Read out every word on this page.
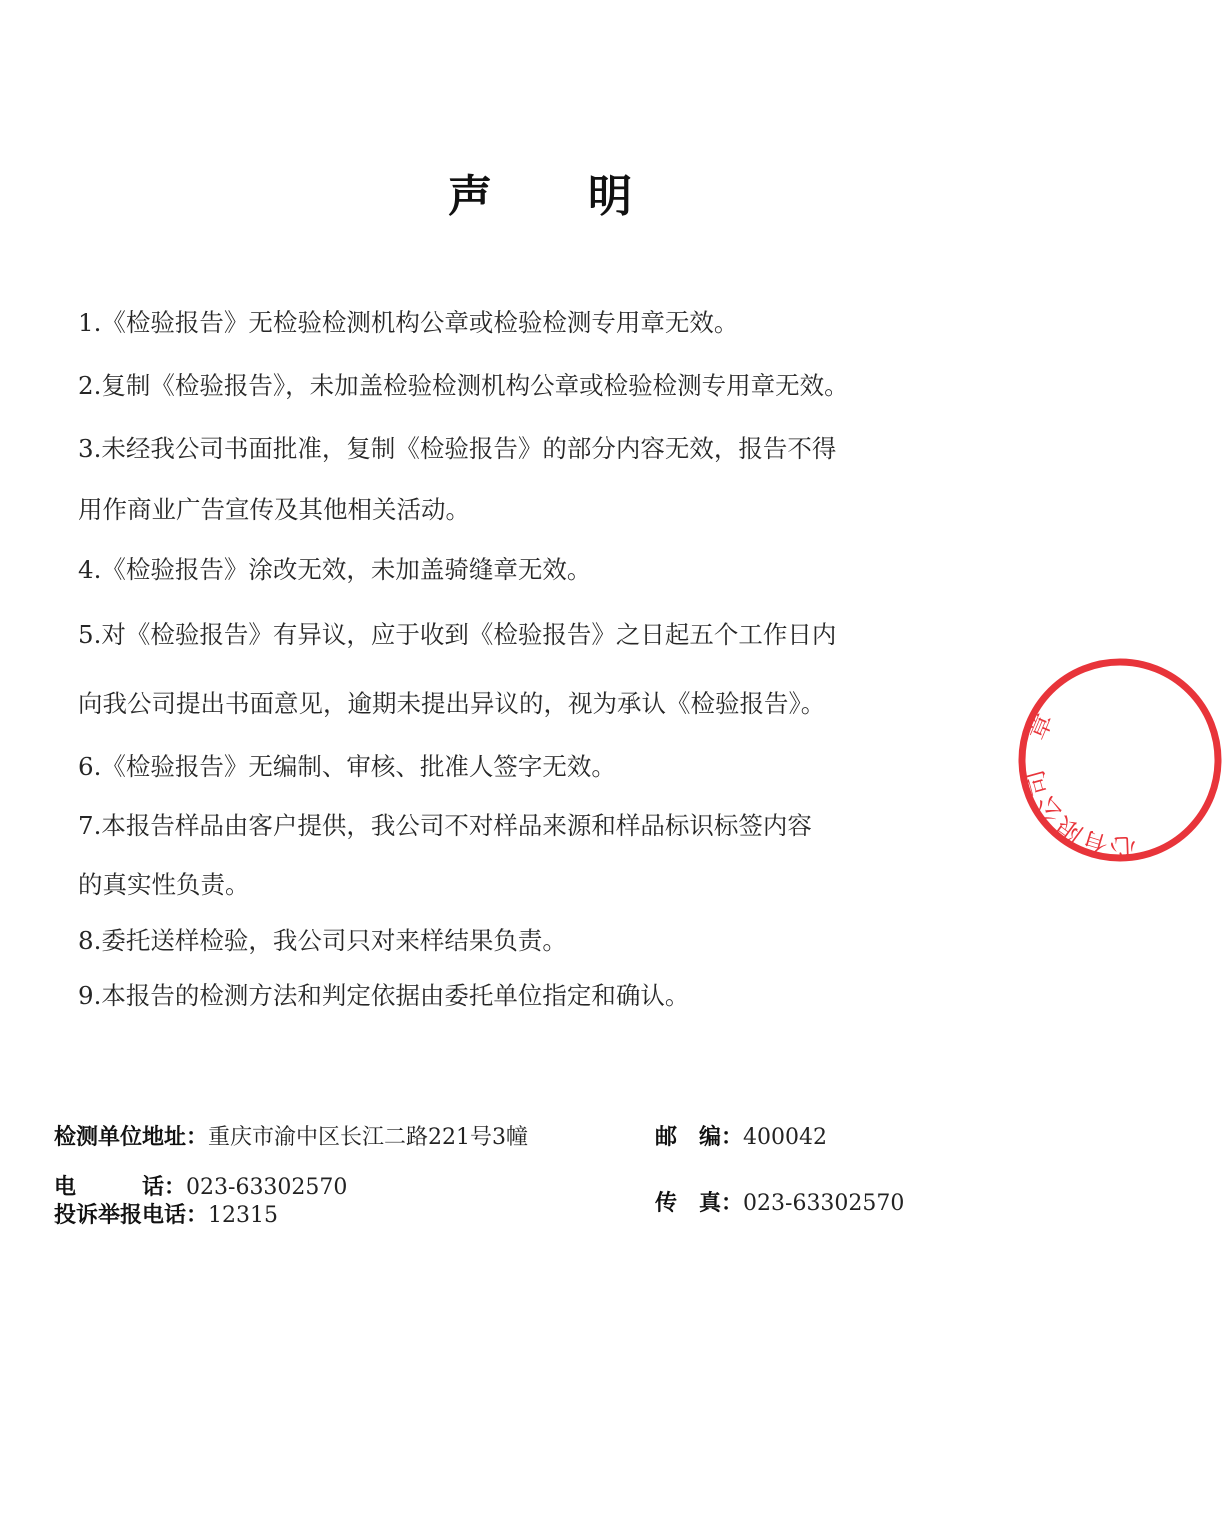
声 明

1.《检验报告》无检验检测机构公章或检验检测专用章无效。

2.复制《检验报告》，未加盖检验检测机构公章或检验检测专用章无效。

3.未经我公司书面批准，复制《检验报告》的部分内容无效，报告不得

用作商业广告宣传及其他相关活动。

4.《检验报告》涂改无效，未加盖骑缝章无效。

5.对《检验报告》有异议，应于收到《检验报告》之日起五个工作日内

向我公司提出书面意见，逾期未提出异议的，视为承认《检验报告》。

6.《检验报告》无编制、审核、批准人签字无效。

7.本报告样品由客户提供，我公司不对样品来源和样品标识标签内容

的真实性负责。

8.委托送样检验，我公司只对来样结果负责。

9.本报告的检测方法和判定依据由委托单位指定和确认。

检测单位地址：重庆市渝中区长江二路221号3幢	邮　编：400042
电　　　话：023-63302570
投诉举报电话：12315	传　真：023-63302570
心有限公司　章
